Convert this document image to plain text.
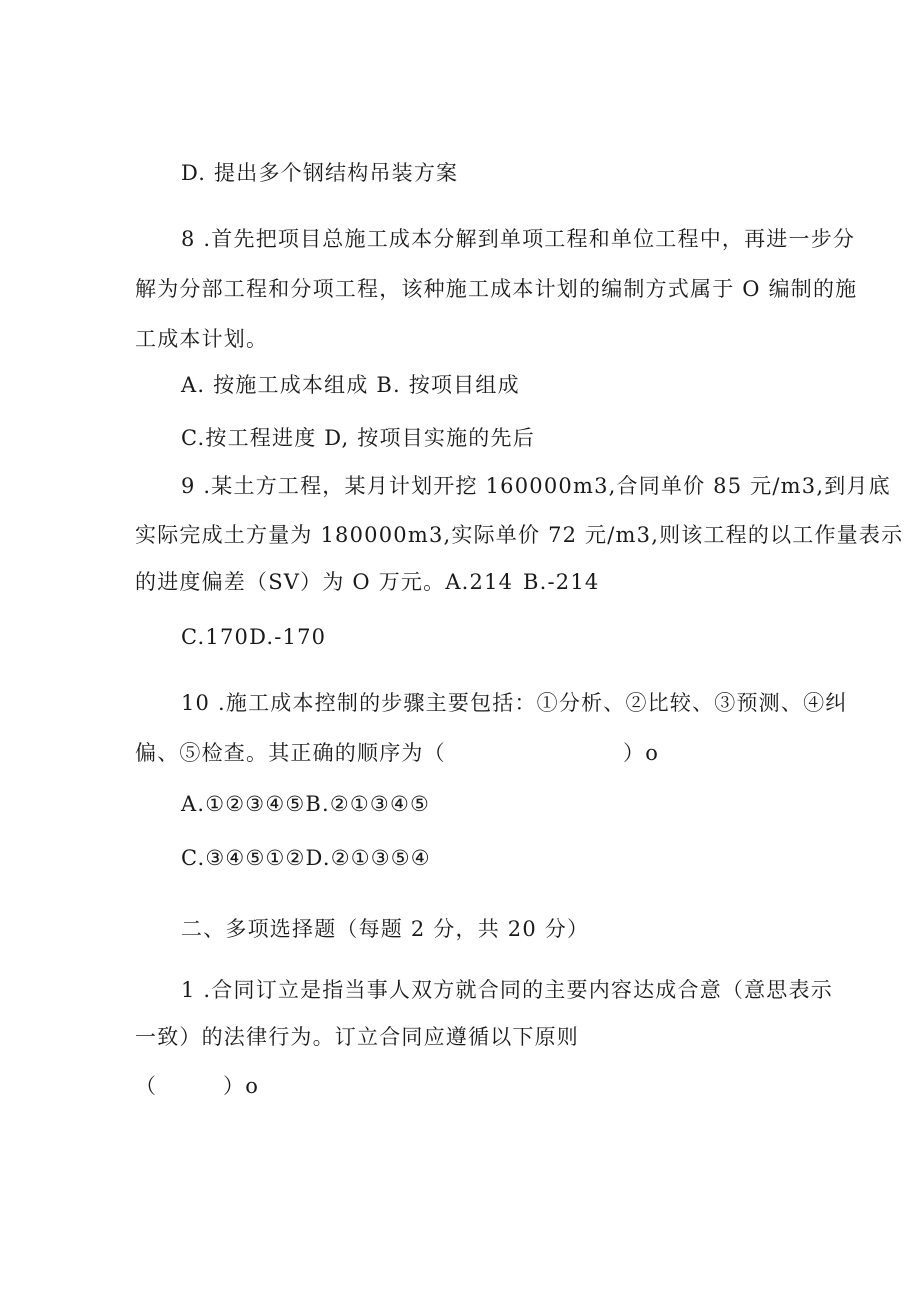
D. 提出多个钢结构吊装方案
8 .首先把项目总施工成本分解到单项工程和单位工程中，再进一步分
解为分部工程和分项工程，该种施工成本计划的编制方式属于 O 编制的施
工成本计划。
A. 按施工成本组成 B. 按项目组成
C.按工程进度 D, 按项目实施的先后
9 .某土方工程，某月计划开挖 160000m3,合同单价 85 元/m3,到月底
实际完成土方量为 180000m3,实际单价 72 元/m3,则该工程的以工作量表示
的进度偏差（SV）为 O 万元。A.214 B.-214
C.170D.-170
10 .施工成本控制的步骤主要包括：①分析、②比较、③预测、④纠
偏、⑤检查。其正确的顺序为（	）o
A.①②③④⑤B.②①③④⑤
C.③④⑤①②D.②①③⑤④
二、多项选择题（每题 2 分，共 20 分）
1 .合同订立是指当事人双方就合同的主要内容达成合意（意思表示
一致）的法律行为。订立合同应遵循以下原则
（	）o
